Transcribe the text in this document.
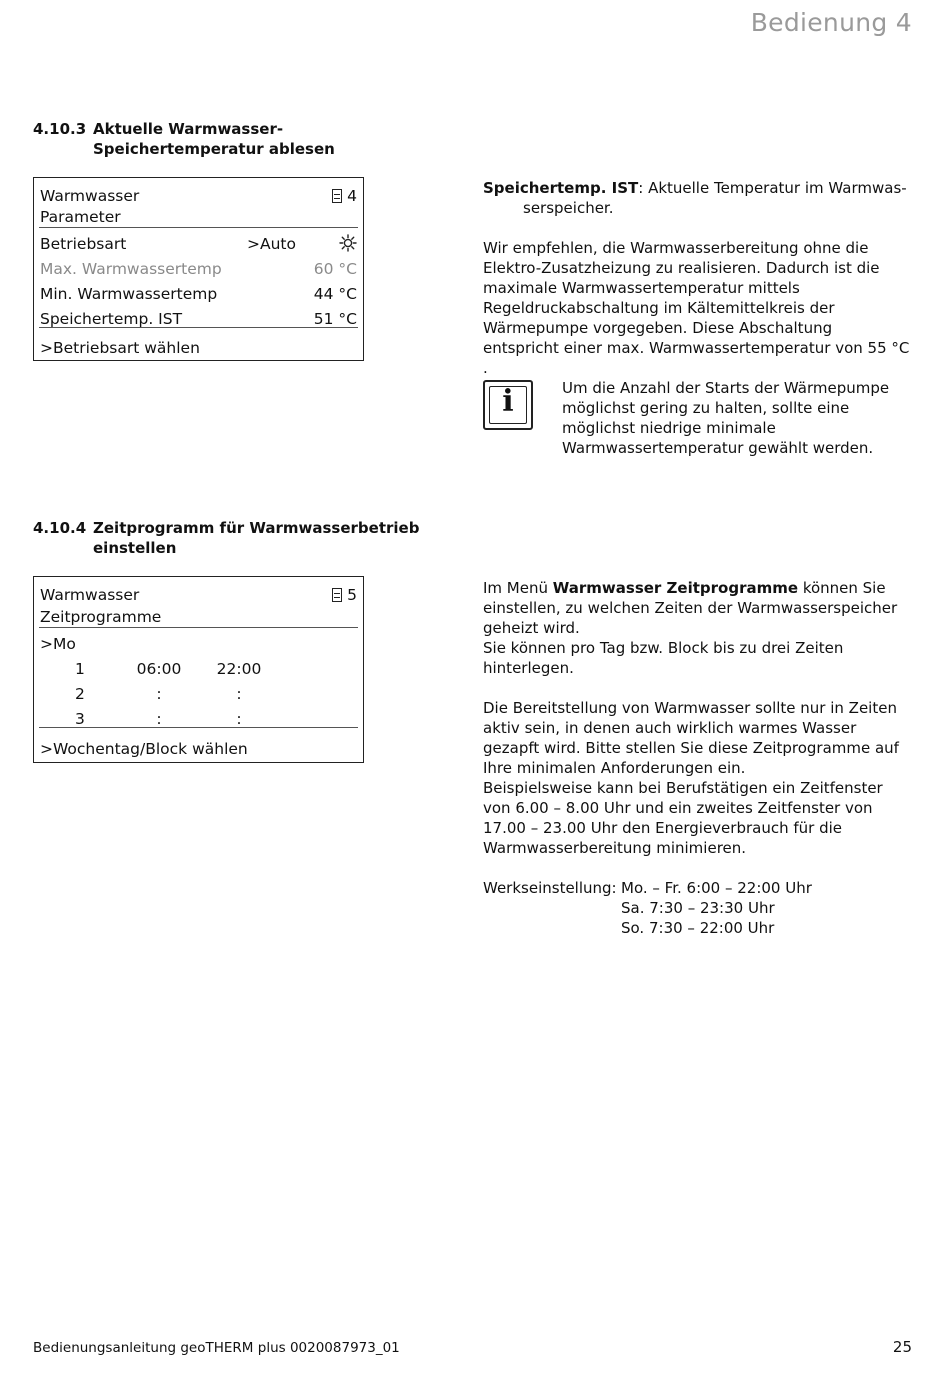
Bedienung 4
4.10.3 Aktuelle Warmwasser-Speichertemperatur ablesen
Warmwasser	4
Parameter
Betriebsart	>Auto
Max. Warmwassertemp	60 °C
Min. Warmwassertemp	44 °C
Speichertemp. IST	51 °C
>Betriebsart wählen
Speichertemp. IST: Aktuelle Temperatur im Warmwas- serspeicher.

Wir empfehlen, die Warmwasserbereitung ohne die Elektro-Zusatzheizung zu realisieren. Dadurch ist die maximale Warmwassertemperatur mittels Regeldruckabschaltung im Kältemittelkreis der Wärmepumpe vorgegeben. Diese Abschaltung entspricht einer max. Warmwassertemperatur von 55 °C .

i	Um die Anzahl der Starts der Wärmepumpe möglichst gering zu halten, sollte eine möglichst niedrige minimale Warmwassertemperatur gewählt werden.

4.10.4 Zeitprogramm für Warmwasserbetrieb einstellen
Warmwasser	5
Zeitprogramme
>Mo
1	06:00 22:00
2	:	:
3	:	:
>Wochentag/Block wählen

Im Menü Warmwasser Zeitprogramme können Sie einstellen, zu welchen Zeiten der Warmwasserspeicher geheizt wird.

Sie können pro Tag bzw. Block bis zu drei Zeiten hinterlegen.

Die Bereitstellung von Warmwasser sollte nur in Zeiten aktiv sein, in denen auch wirklich warmes Wasser gezapft wird. Bitte stellen Sie diese Zeitprogramme auf Ihre minimalen Anforderungen ein.

Beispielsweise kann bei Berufstätigen ein Zeitfenster von 6.00 – 8.00 Uhr und ein zweites Zeitfenster von 17.00 – 23.00 Uhr den Energieverbrauch für die Warmwasserbereitung minimieren.

Werkseinstellung: Mo. – Fr. 6:00 – 22:00 Uhr
Sa. 7:30 – 23:30 Uhr
So. 7:30 – 22:00 Uhr
Bedienungsanleitung geoTHERM plus 0020087973_01	25
